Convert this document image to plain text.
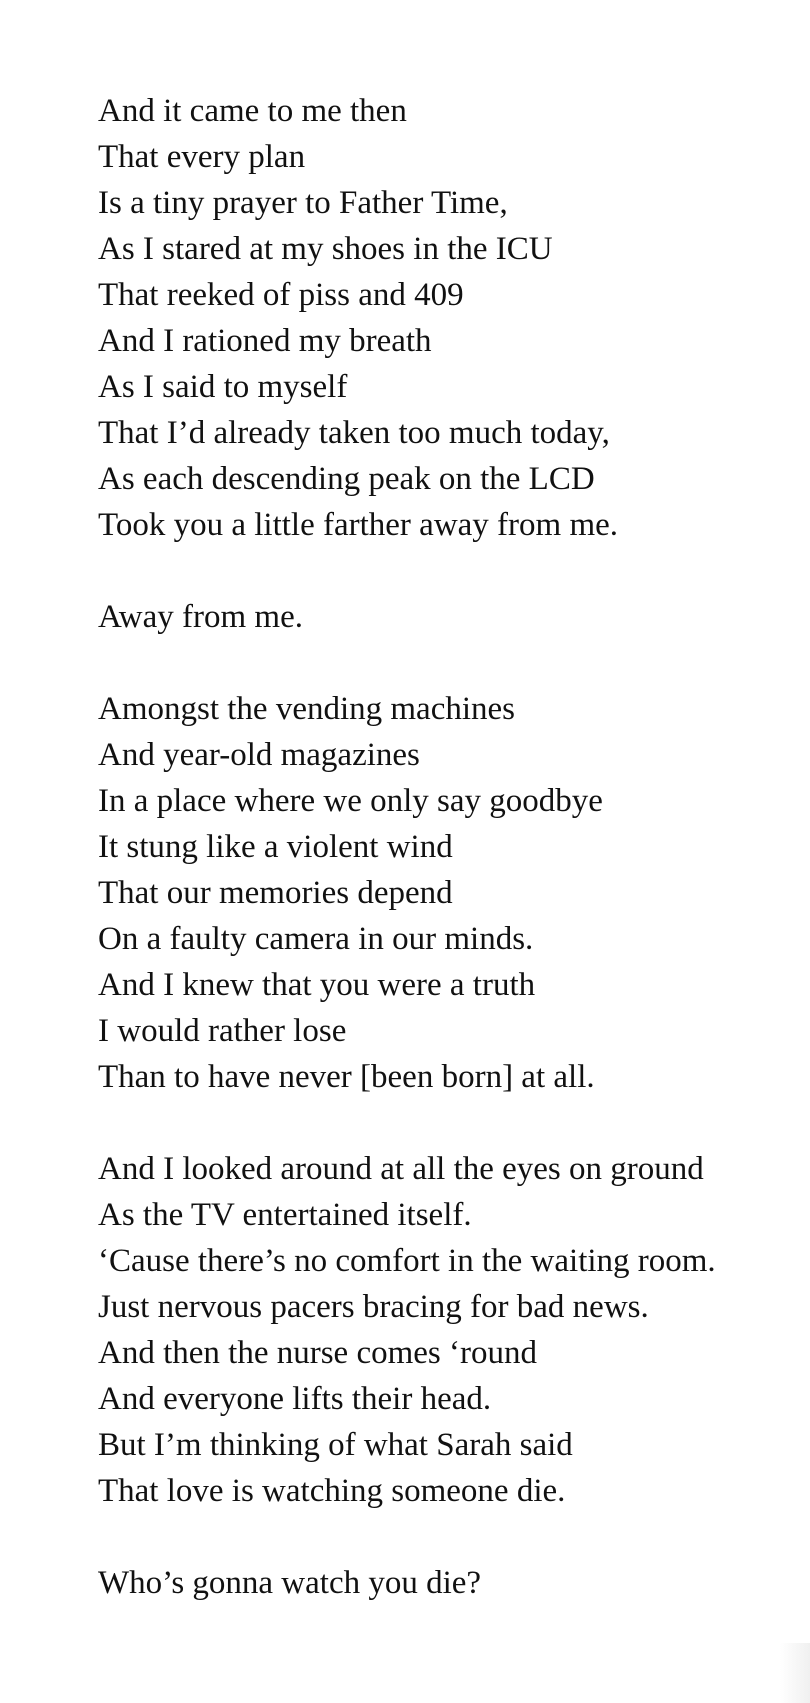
And it came to me then
That every plan
Is a tiny prayer to Father Time,
As I stared at my shoes in the ICU
That reeked of piss and 409
And I rationed my breath
As I said to myself
That I’d already taken too much today,
As each descending peak on the LCD
Took you a little farther away from me.
Away from me.
Amongst the vending machines
And year-old magazines
In a place where we only say goodbye
It stung like a violent wind
That our memories depend
On a faulty camera in our minds.
And I knew that you were a truth
I would rather lose
Than to have never [been born] at all.
And I looked around at all the eyes on ground
As the TV entertained itself.
‘Cause there’s no comfort in the waiting room.
Just nervous pacers bracing for bad news.
And then the nurse comes ‘round
And everyone lifts their head.
But I’m thinking of what Sarah said
That love is watching someone die.
Who’s gonna watch you die?
